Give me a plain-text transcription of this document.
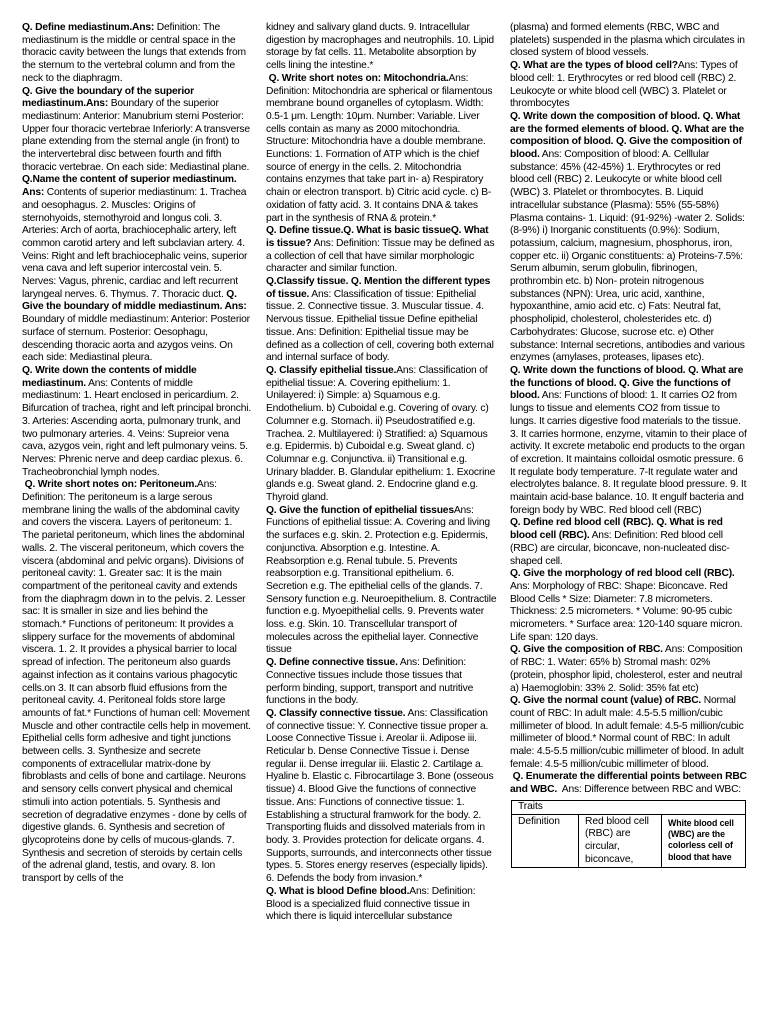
Q. Define mediastinum.Ans: Definition: The mediastinum is the middle or central space in the thoracic cavity between the lungs that extends from the sternum to the vertebral column and from the neck to the diaphragm.

Q. Give the boundary of the superior mediastinum.Ans: Boundary of the superior mediastinum: Anterior: Manubrium sterni Posterior: Upper four thoracic vertebrae Inferiorly: A transverse plane extending from the sternal angle (in front) to the intervertebral disc between fourth and fifth thoracic vertebrae. On each side: Mediastinal plane.

Q.Name the content of superior mediastinum. Ans: Contents of superior mediastinum: 1. Trachea and oesophagus. 2. Muscles: Origins of sternohyoids, sternothyroid and longus coli. 3. Arteries: Arch of aorta, brachiocephalic artery, left common carotid artery and left subclavian artery. 4. Veins: Right and left brachiocephalic veins, superior vena cava and left superior intercostal vein. 5. Nerves: Vagus, phrenic, cardiac and left recurrent laryngeal nerves. 6. Thymus. 7. Thoracic duct. Q. Give the boundary of middle mediastinum. Ans: Boundary of middle mediastinum: Anterior: Posterior surface of sternum. Posterior: Oesophagu, descending thoracic aorta and azygos veins. On each side: Mediastinal pleura.

Q. Write down the contents of middle mediastinum. Ans: Contents of middle mediastinum: 1. Heart enclosed in pericardium. 2. Bifurcation of trachea, right and left principal bronchi. 3. Arteries: Ascending aorta, pulmonary trunk, and two pulmonary arteries. 4. Veins: Supreior vena cava, azygos vein, right and left pulmonary veins. 5. Nerves: Phrenic nerve and deep cardiac plexus. 6. Tracheobronchial lymph nodes.

Q. Write short notes on: Peritoneum.Ans: Definition: The peritoneum is a large serous membrane lining the walls of the abdominal cavity and covers the viscera. Layers of peritoneum: 1. The parietal peritoneum, which lines the abdominal walls. 2. The visceral peritoneum, which covers the viscera (abdominal and pelvic organs). Divisions of peritoneal cavity: 1. Greater sac: It is the main compartment of the peritoneal cavity and extends from the diaphragm down in to the pelvis. 2. Lesser sac: It is smaller in size and lies behind the stomach.* Functions of peritoneum: It provides a slippery surface for the movements of abdominal viscera. 1. 2. It provides a physical barrier to local spread of infection. The peritoneum also guards against infection as it contains various phagocytic cells.on 3. It can absorb fluid effusions from the peritoneal cavity. 4. Peritoneal folds store large amounts of fat.* Functions of human cell: Movement Muscle and other contractile cells help in movement. Epithelial cells form adhesive and tight junctions between cells. 3. Synthesize and secrete components of extracellular matrix-done by fibroblasts and cells of bone and cartilage. Neurons and sensory cells convert physical and chemical stimuli into action potentials. 5. Synthesis and secretion of degradative enzymes - done by cells of digestive glands. 6. Synthesis and secretion of glycoproteins done by cells of mucous-glands. 7. Synthesis and secretion of steroids by certain cells of the adrenal gland, testis, and ovary. 8. Ion transport by cells of the

kidney and salivary gland ducts. 9. Intracellular digestion by macrophages and neutrophils. 10. Lipid storage by fat cells. 11. Metabolite absorption by cells lining the intestine.*

Q. Write short notes on: Mitochondria.Ans: Definition: Mitochondria are spherical or filamentous membrane bound organelles of cytoplasm. Width: 0.5-1 μm. Length: 10μm. Number: Variable. Liver cells contain as many as 2000 mitochondria. Structure: Mitochondria have a double membrane. Eunctions: 1. Formation of ATP which is the chief source of energy in the cells. 2. Mitochondria contains enzymes that take part in- a) Respiratory chain or electron transport. b) Citric acid cycle. c) B-oxidation of fatty acid. 3. It contains DNA & takes part in the synthesis of RNA & protein.*

Q. Define tissue.Q. What is basic tissueQ. What is tissue? Ans: Definition: Tissue may be defined as a collection of cell that have similar morphologic character and similar function.

Q.Classify tissue. Q. Mention the different types of tissue. Ans: Classification of tissue: Epithelial tissue. 2. Connective tissue. 3. Muscular tissue. 4. Nervous tissue. Epithelial tissue Define epithelial tissue. Ans: Definition: Epithelial tissue may be defined as a collection of cell, covering both external and internal surface of body.

Q. Classify epithelial tissue.Ans: Classification of epithelial tissue: A. Covering epithelium: 1. Unilayered: i) Simple: a) Squamous e.g. Endothelium. b) Cuboidal e.g. Covering of ovary. c) Columner e.g. Stomach. ii) Pseudostratified e.g. Trachea. 2. Multilayered: i) Stratified: a) Squamous e.g. Epidermis. b) Cuboidal e.g. Sweat gland. c) Columnar e.g. Conjunctiva. ii) Transitional e.g. Urinary bladder. B. Glandular epithelium: 1. Exocrine glands e.g. Sweat gland. 2. Endocrine gland e.g. Thyroid gland.

Q. Give the function of epithelial tissuesAns: Functions of epithelial tissue: A. Covering and living the surfaces e.g. skin. 2. Protection e.g. Epidermis, conjunctiva. Absorption e.g. Intestine. A. Reabsorption e.g. Renal tubule. 5. Prevents reabsorption e.g. Transitional epithelium. 6. Secretion e.g. The epithelial cells of the glands. 7. Sensory function e.g. Neuroepithelium. 8. Contractile function e.g. Myoepithelial cells. 9. Prevents water loss. e.g. Skin. 10. Transcellular transport of molecules across the epithelial layer. Connective tissue

Q. Define connective tissue. Ans: Definition: Connective tissues include those tissues that perform binding, support, transport and nutritive functions in the body.

Q. Classify connective tissue. Ans: Classification of connective tissue: Y. Connective tissue proper a. Loose Connective Tissue i. Areolar ii. Adipose iii. Reticular b. Dense Connective Tissue i. Dense regular ii. Dense irregular iii. Elastic 2. Cartilage a. Hyaline b. Elastic c. Fibrocartilage 3. Bone (osseous tissue) 4. Blood Give the functions of connective tissue. Ans: Functions of connective tissue: 1. Establishing a structural framwork for the body. 2. Transporting fluids and dissolved materials from in body. 3. Provides protection for delicate organs. 4. Supports, surrounds, and interconnects other tissue types. 5. Stores energy reserves (especially lipids). 6. Defends the body from invasion.*

Q. What is blood Define blood.Ans: Definition: Blood is a specialized fluid connective tissue in which there is liquid intercellular substance

(plasma) and formed elements (RBC, WBC and platelets) suspended in the plasma which circulates in closed system of blood vessels.

Q. What are the types of blood cell?Ans: Types of blood cell: 1. Erythrocytes or red blood cell (RBC) 2. Leukocyte or white blood cell (WBC) 3. Platelet or thrombocytes

Q. Write down the composition of blood. Q. What are the formed elements of blood. Q. What are the composition of blood. Q. Give the composition of blood. Ans: Composition of blood: A. Celllular substance: 45% (42-45%) 1. Erythrocytes or red blood cell (RBC) 2. Leukocyte or white blood cell (WBC) 3. Platelet or thrombocytes. B. Liquid intracellular substance (Plasma): 55% (55-58%) Plasma contains- 1. Liquid: (91-92%) -water 2. Solids: (8-9%) i) Inorganic constituents (0.9%): Sodium, potassium, calcium, magnesium, phosphorus, iron, copper etc. ii) Organic constituents: a) Proteins-7.5%: Serum albumin, serum globulin, fibrinogen, prothrombin etc. b) Non- protein nitrogenous substances (NPN): Urea, uric acid, xanthine, hypoxanthine, amio acid etc. c) Fats: Neutral fat, phospholipid, cholesterol, cholesterides etc. d) Carbohydrates: Glucose, sucrose etc. e) Other substance: Internal secretions, antibodies and various enzymes (amylases, proteases, lipases etc).

Q. Write down the functions of blood. Q. What are the functions of blood. Q. Give the functions of blood. Ans: Functions of blood: 1. It carries O2 from lungs to tissue and elements CO2 from tissue to lungs. It carries digestive food materials to the tissue. 3. It carries hormone, enzyme, vitamin to their place of activity. It excrete metabolic end products to the organ of excretion. It maintains colloidal osmotic pressure. 6 It regulate body temperature. 7-It regulate water and electrolytes balance. 8. It regulate blood pressure. 9. It maintain acid-base balance. 10. It engulf bacteria and foreign body by WBC. Red blood cell (RBC)

Q. Define red blood cell (RBC). Q. What is red blood cell (RBC). Ans: Definition: Red blood cell (RBC) are circular, biconcave, non-nucleated disc- shaped cell.

Q. Give the morphology of red blood cell (RBC). Ans: Morphology of RBC: Shape: Biconcave. Red Blood Cells * Size: Diameter: 7.8 micrometers. Thickness: 2.5 micrometers. * Volume: 90-95 cubic micrometers. * Surface area: 120-140 square micron. Life span: 120 days.

Q. Give the composition of RBC. Ans: Composition of RBC: 1. Water: 65% b) Stromal mash: 02% (protein, phosphor lipid, cholesterol, ester and neutral a) Haemoglobin: 33% 2. Solid: 35% fat etc)

Q. Give the normal count (value) of RBC. Normal count of RBC: In adult male: 4.5-5.5 million/cubic millimeter of blood. In adult female: 4.5-5 million/cubic millimeter of blood.* Normal count of RBC: In adult male: 4.5-5.5 million/cubic millimeter of blood. In adult female: 4.5-5 million/cubic millimeter of blood.

Q. Enumerate the differential points between RBC and WBC.  Ans: Difference between RBC and WBC:

Traits
Definition	Red blood cell (RBC) are circular, biconcave,	White blood cell (WBC) are the colorless cell of blood that have
